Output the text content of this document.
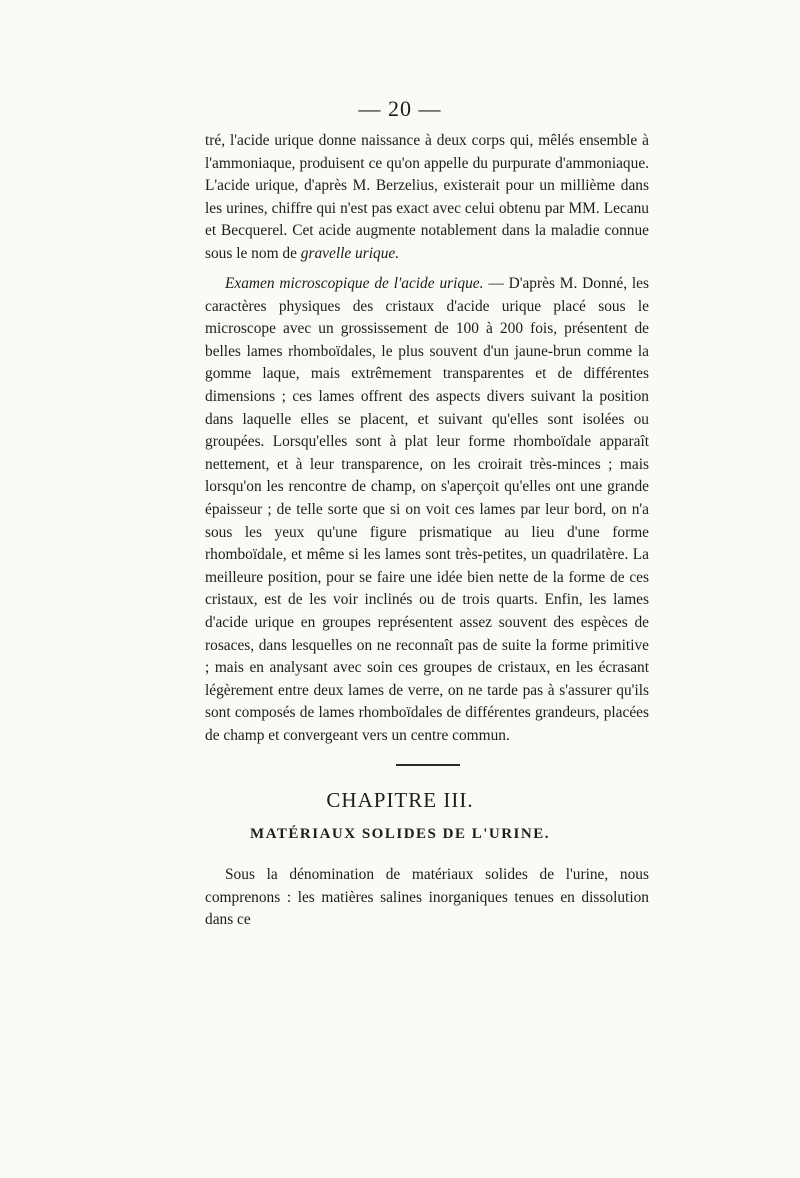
— 20 —

tré, l'acide urique donne naissance à deux corps qui, mêlés ensemble à l'ammoniaque, produisent ce qu'on appelle du purpurate d'ammoniaque. L'acide urique, d'après M. Berzelius, existerait pour un millième dans les urines, chiffre qui n'est pas exact avec celui obtenu par MM. Lecanu et Becquerel. Cet acide augmente notablement dans la maladie connue sous le nom de gravelle urique.

Examen microscopique de l'acide urique. — D'après M. Donné, les caractères physiques des cristaux d'acide urique placé sous le microscope avec un grossissement de 100 à 200 fois, présentent de belles lames rhomboïdales, le plus souvent d'un jaune-brun comme la gomme laque, mais extrêmement transparentes et de différentes dimensions ; ces lames offrent des aspects divers suivant la position dans laquelle elles se placent, et suivant qu'elles sont isolées ou groupées. Lorsqu'elles sont à plat leur forme rhomboïdale apparaît nettement, et à leur transparence, on les croirait très-minces ; mais lorsqu'on les rencontre de champ, on s'aperçoit qu'elles ont une grande épaisseur ; de telle sorte que si on voit ces lames par leur bord, on n'a sous les yeux qu'une figure prismatique au lieu d'une forme rhomboïdale, et même si les lames sont très-petites, un quadrilatère. La meilleure position, pour se faire une idée bien nette de la forme de ces cristaux, est de les voir inclinés ou de trois quarts. Enfin, les lames d'acide urique en groupes représentent assez souvent des espèces de rosaces, dans lesquelles on ne reconnaît pas de suite la forme primitive ; mais en analysant avec soin ces groupes de cristaux, en les écrasant légèrement entre deux lames de verre, on ne tarde pas à s'assurer qu'ils sont composés de lames rhomboïdales de différentes grandeurs, placées de champ et convergeant vers un centre commun.

CHAPITRE III.
MATÉRIAUX SOLIDES DE L'URINE.

Sous la dénomination de matériaux solides de l'urine, nous comprenons : les matières salines inorganiques tenues en dissolution dans ce
